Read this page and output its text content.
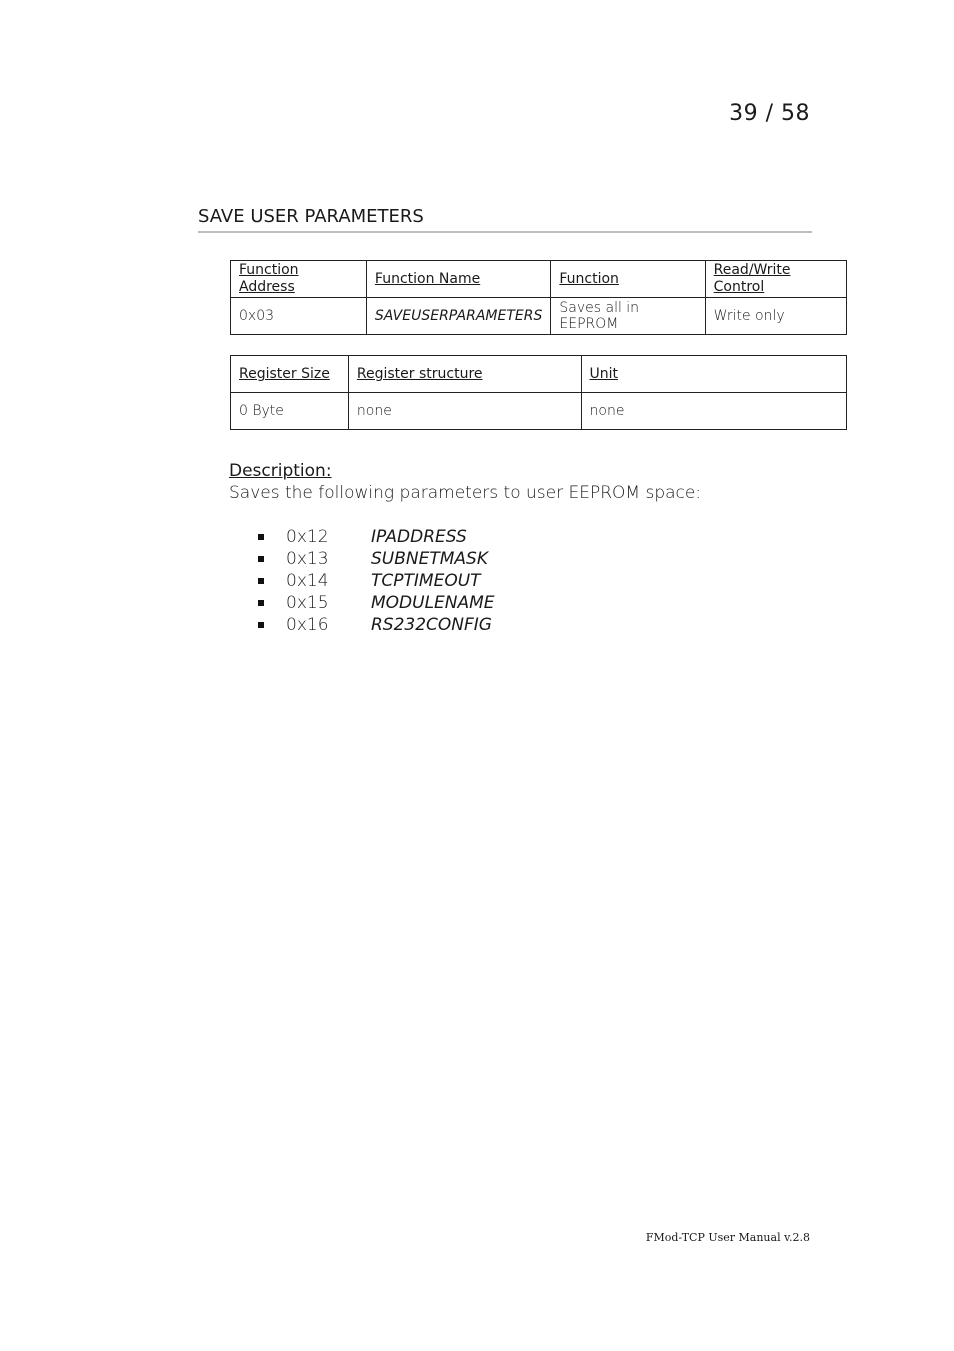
39 / 58
SAVE USER PARAMETERS
Function Address	Function Name	Function	Read/Write Control
0x03	SAVEUSERPARAMETERS	Saves all in EEPROM	Write only
Register Size	Register structure	Unit
0 Byte	none	none
Description:
Saves the following parameters to user EEPROM space:
0x12	IPADDRESS
0x13	SUBNETMASK
0x14	TCPTIMEOUT
0x15	MODULENAME
0x16	RS232CONFIG
FMod-TCP User Manual v.2.8
